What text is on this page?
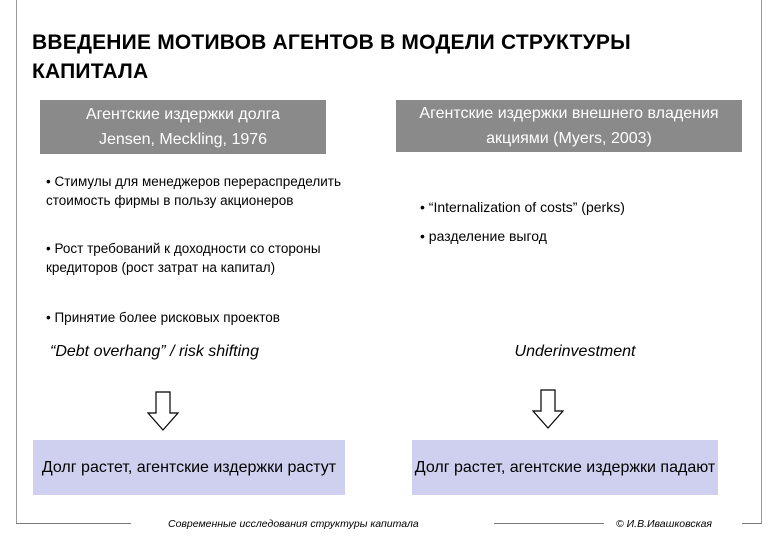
ВВЕДЕНИЕ МОТИВОВ АГЕНТОВ В МОДЕЛИ СТРУКТУРЫ КАПИТАЛА
Агентские издержки долга
Jensen, Meckling, 1976
Агентские издержки внешнего владения акциями (Myers, 2003)
• Стимулы для менеджеров перераспределить стоимость фирмы в пользу акционеров
• Рост требований к доходности со стороны кредиторов (рост затрат на капитал)
• Принятие более рисковых проектов
• “Internalization of costs” (perks)
• разделение выгод
“Debt overhang” / risk shifting	Underinvestment
Долг растет, агентские издержки растут	Долг растет, агентские издержки падают
Современные исследования структуры капитала	© И.В.Ивашковская
